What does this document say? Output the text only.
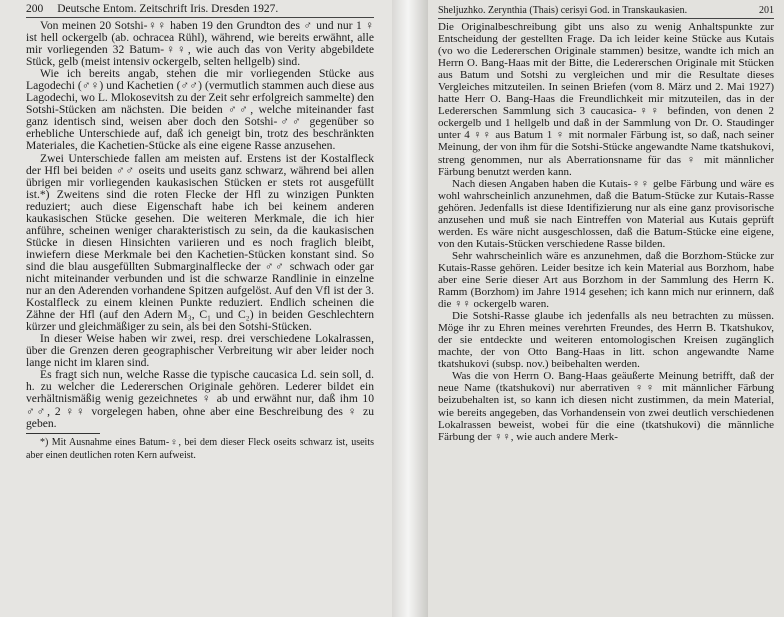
200 Deutsche Entom. Zeitschrift Iris. Dresden 1927.

Von meinen 20 Sotshi-♀♀ haben 19 den Grundton des ♂ und nur 1 ♀ ist hell ockergelb (ab. ochracea Rühl), während, wie bereits erwähnt, alle mir vorliegenden 32 Batum-♀♀, wie auch das von Verity abgebildete Stück, gelb (meist intensiv ockergelb, selten hellgelb) sind.

Wie ich bereits angab, stehen die mir vorliegenden Stücke aus Lagodechi (♂♀) und Kachetien (♂♂) (vermutlich stammen auch diese aus Lagodechi, wo L. Mlokosevitsh zu der Zeit sehr erfolgreich sammelte) den Sotshi-Stücken am nächsten. Die beiden ♂♂, welche miteinander fast ganz identisch sind, weisen aber doch den Sotshi-♂♂ gegenüber so erhebliche Unterschiede auf, daß ich geneigt bin, trotz des beschränkten Materiales, die Kachetien-Stücke als eine eigene Rasse anzusehen.

Zwei Unterschiede fallen am meisten auf. Erstens ist der Kostalfleck der Hfl bei beiden ♂♂ oseits und useits ganz schwarz, während bei allen übrigen mir vorliegenden kaukasischen Stücken er stets rot ausgefüllt ist.*) Zweitens sind die roten Flecke der Hfl zu winzigen Punkten reduziert; auch diese Eigenschaft habe ich bei keinem anderen kaukasischen Stücke gesehen. Die weiteren Merkmale, die ich hier anführe, scheinen weniger charakteristisch zu sein, da die kaukasischen Stücke in diesen Hinsichten variieren und es noch fraglich bleibt, inwiefern diese Merkmale bei den Kachetien-Stücken konstant sind. So sind die blau ausgefüllten Submarginalflecke der ♂♂ schwach oder gar nicht miteinander verbunden und ist die schwarze Randlinie in einzelne nur an den Aderenden vorhandene Spitzen aufgelöst. Auf den Vfl ist der 3. Kostalfleck zu einem kleinen Punkte reduziert. Endlich scheinen die Zähne der Hfl (auf den Adern M₃, C₁ und C₂) in beiden Geschlechtern kürzer und gleichmäßiger zu sein, als bei den Sotshi-Stücken.

In dieser Weise haben wir zwei, resp. drei verschiedene Lokalrassen, über die Grenzen deren geographischer Verbreitung wir aber leider noch lange nicht im klaren sind.

Es fragt sich nun, welche Rasse die typische caucasica Ld. sein soll, d. h. zu welcher die Ledererschen Originale gehören. Lederer bildet ein verhältnismäßig wenig gezeichnetes ♀ ab und erwähnt nur, daß ihm 10 ♂♂, 2 ♀♀ vorgelegen haben, ohne aber eine Beschreibung des ♀ zu geben.

*) Mit Ausnahme eines Batum-♀, bei dem dieser Fleck oseits schwarz ist, useits aber einen deutlichen roten Kern aufweist.
201
Sheljuzhko. Zerynthia (Thais) cerisyi God. in Transkaukasien.

Die Originalbeschreibung gibt uns also zu wenig Anhaltspunkte zur Entscheidung der gestellten Frage. Da ich leider keine Stücke aus Kutais (vo wo die Ledererschen Originale stammen) besitze, wandte ich mich an Herrn O. Bang-Haas mit der Bitte, die Ledererschen Originale mit Stücken aus Batum und Sotshi zu vergleichen und mir die Resultate dieses Vergleiches mitzuteilen. In seinen Briefen (vom 8. März und 2. Mai 1927) hatte Herr O. Bang-Haas die Freundlichkeit mir mitzuteilen, das in der Ledererschen Sammlung sich 3 caucasica-♀♀ befinden, von denen 2 ockergelb und 1 hellgelb und daß in der Sammlung von Dr. O. Staudinger unter 4 ♀♀ aus Batum 1 ♀ mit normaler Färbung ist, so daß, nach seiner Meinung, der von ihm für die Sotshi-Stücke angewandte Name tkatshukovi, streng genommen, nur als Aberrationsname für das ♀ mit männlicher Färbung benutzt werden kann.

Nach diesen Angaben haben die Kutais-♀♀ gelbe Färbung und wäre es wohl wahrscheinlich anzunehmen, daß die Batum-Stücke zur Kutais-Rasse gehören. Jedenfalls ist diese Identifizierung nur als eine ganz provisorische anzusehen und muß sie nach Eintreffen von Material aus Kutais geprüft werden. Es wäre nicht ausgeschlossen, daß die Batum-Stücke eine eigene, von den Kutais-Stücken verschiedene Rasse bilden.

Sehr wahrscheinlich wäre es anzunehmen, daß die Borzhom-Stücke zur Kutais-Rasse gehören. Leider besitze ich kein Material aus Borzhom, habe aber eine Serie dieser Art aus Borzhom in der Sammlung des Herrn K. Ramm (Borzhom) im Jahre 1914 gesehen; ich kann mich nur erinnern, daß die ♀♀ ockergelb waren.

Die Sotshi-Rasse glaube ich jedenfalls als neu betrachten zu müssen. Möge ihr zu Ehren meines verehrten Freundes, des Herrn B. Tkatshukov, der sie entdeckte und weiteren entomologischen Kreisen zugänglich machte, der von Otto Bang-Haas in litt. schon angewandte Name tkatshukovi (subsp. nov.) beibehalten werden.

Was die von Herrn O. Bang-Haas geäußerte Meinung betrifft, daß der neue Name (tkatshukovi) nur aberrativen ♀♀ mit männlicher Färbung beizubehalten ist, so kann ich diesen nicht zustimmen, da mein Material, wie bereits angegeben, das Vorhandensein von zwei deutlich verschiedenen Lokalrassen beweist, wobei für die eine (tkatshukovi) die männliche Färbung der ♀♀, wie auch andere Merk-
